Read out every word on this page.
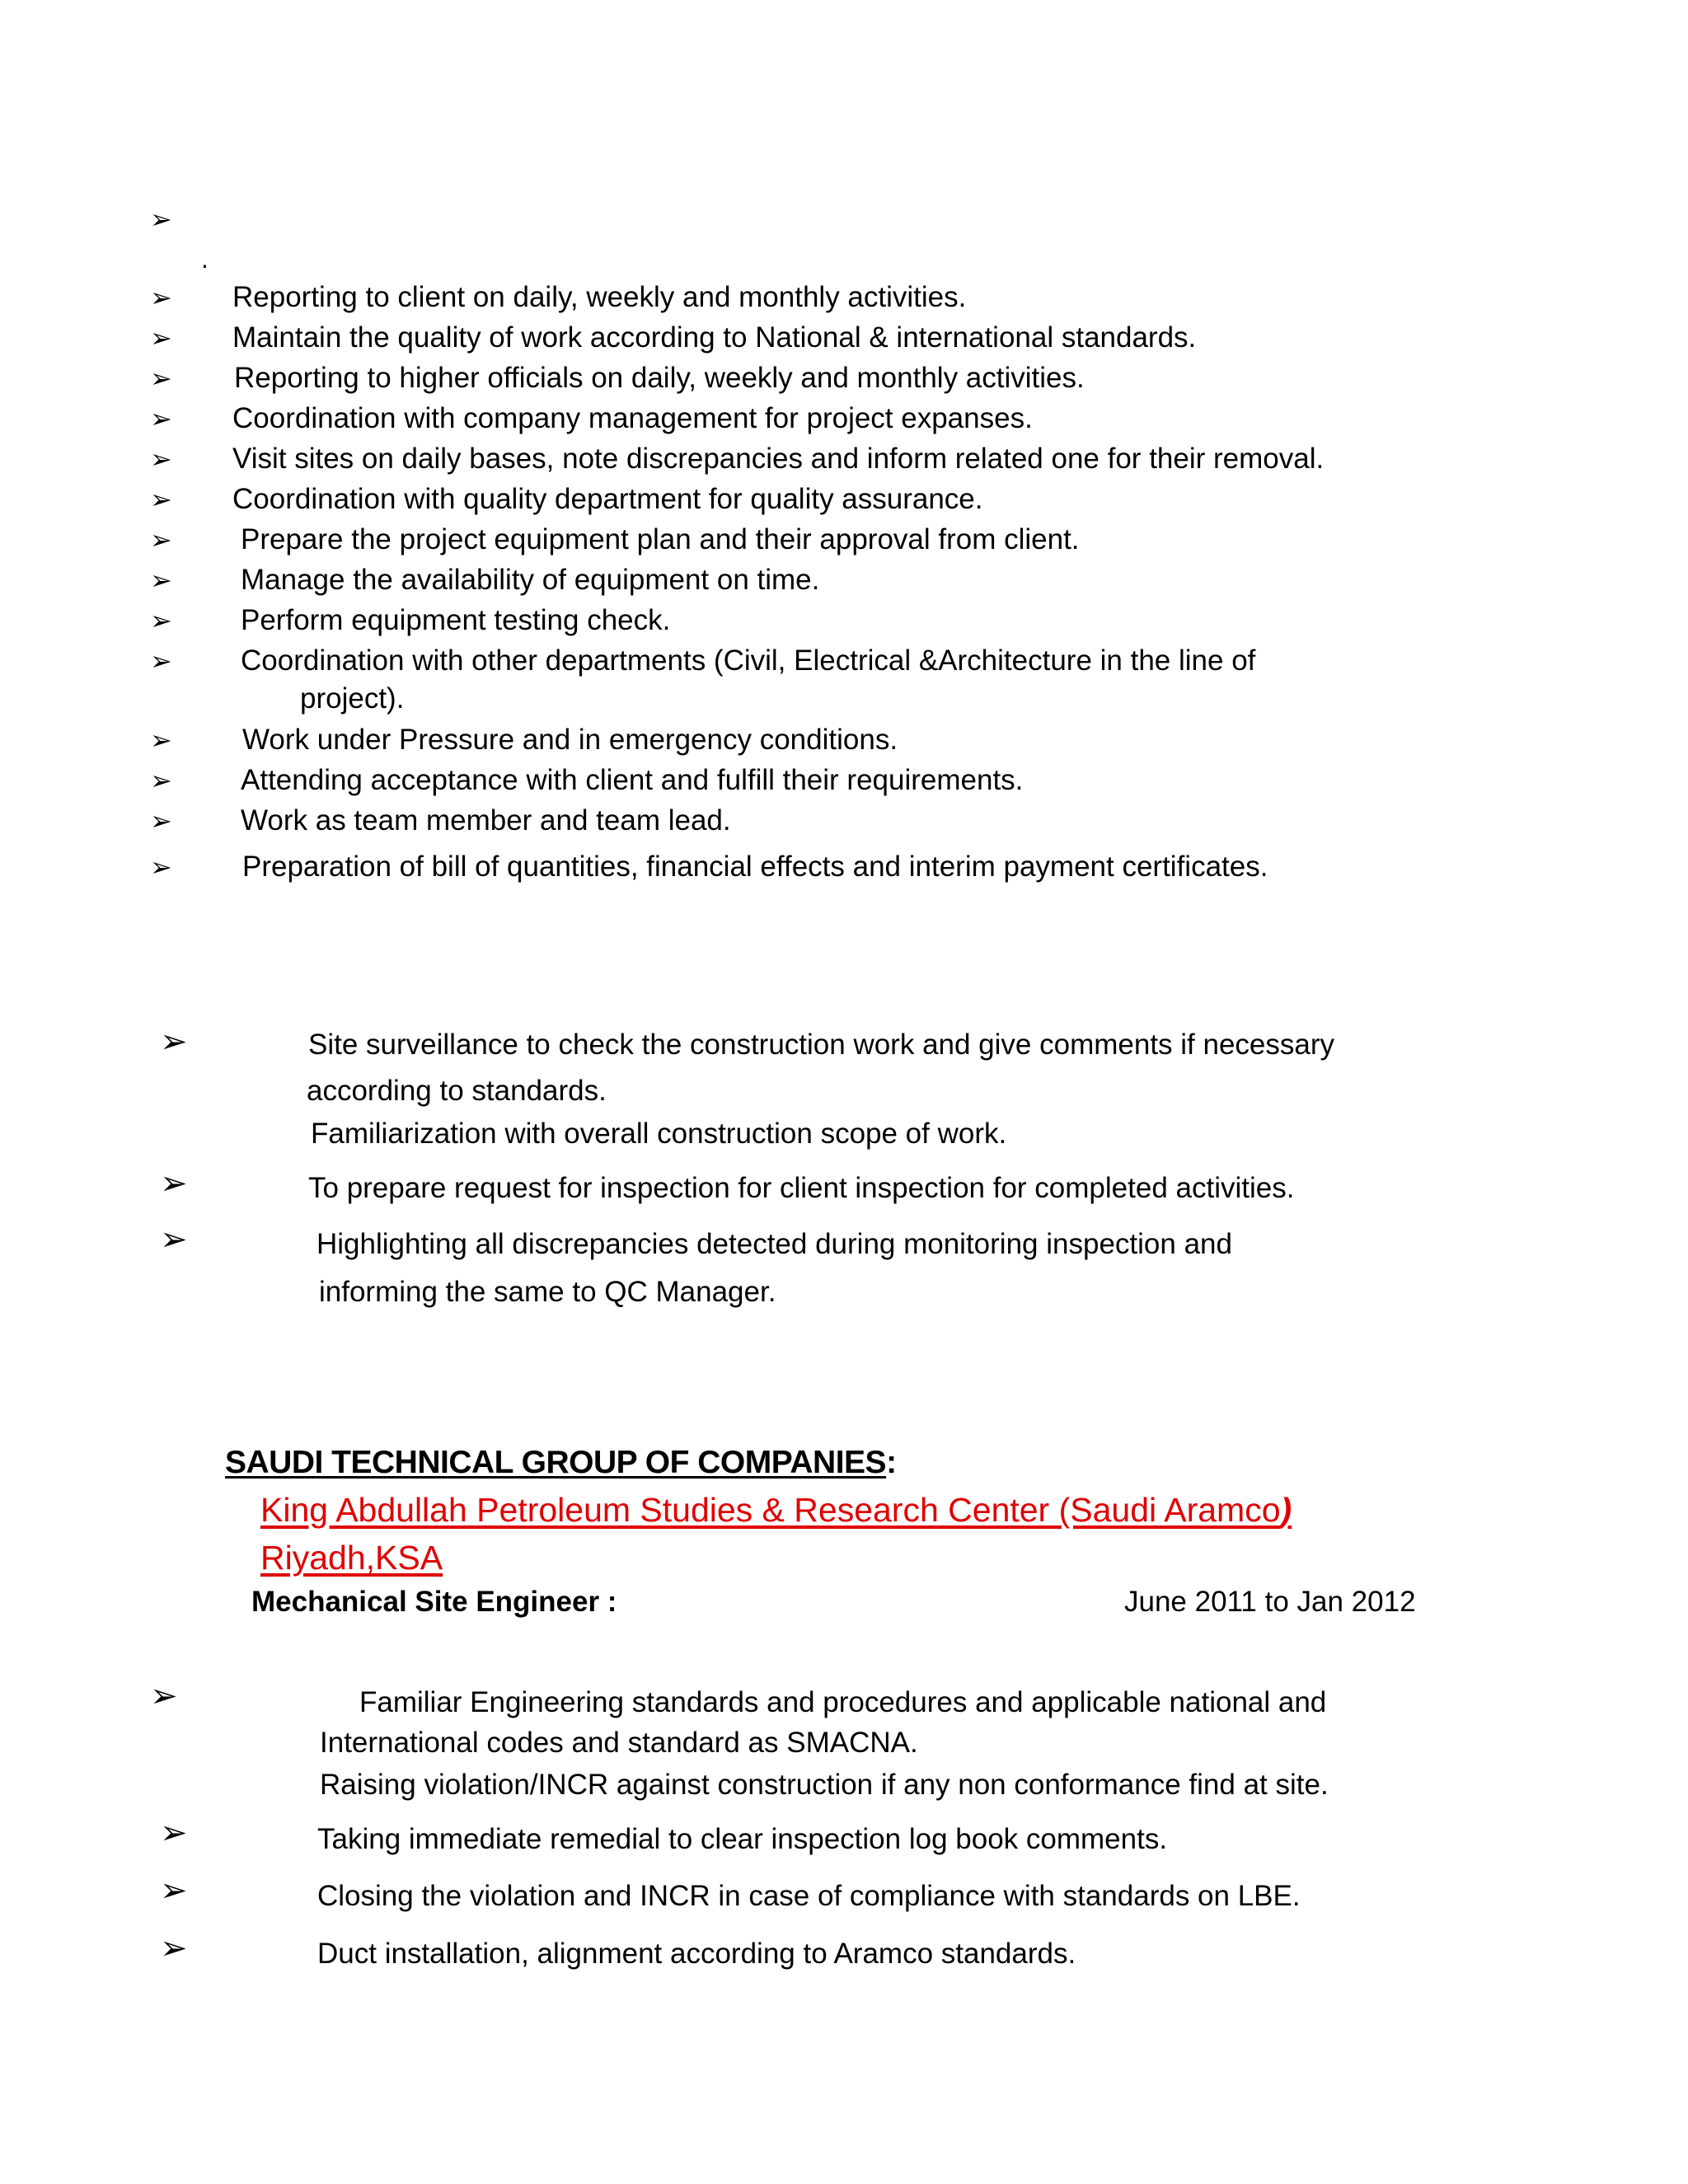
➢
.
➢ Reporting to client on daily, weekly and monthly activities.
➢ Maintain the quality of work according to National & international standards.
➢ Reporting to higher officials on daily, weekly and monthly activities.
➢ Coordination with company management for project expanses.
➢ Visit sites on daily bases, note discrepancies and inform related one for their removal.
➢ Coordination with quality department for quality assurance.
➢ Prepare the project equipment plan and their approval from client.
➢ Manage the availability of equipment on time.
➢ Perform equipment testing check.
➢ Coordination with other departments (Civil, Electrical &Architecture in the line of
project).
➢ Work under Pressure and in emergency conditions.
➢ Attending acceptance with client and fulfill their requirements.
➢ Work as team member and team lead.
➢ Preparation of bill of quantities, financial effects and interim payment certificates.
➢	Site surveillance to check the construction work and give comments if necessary
according to standards.
Familiarization with overall construction scope of work.
➢	To prepare request for inspection for client inspection for completed activities.
➢	Highlighting all discrepancies detected during monitoring inspection and
informing the same to QC Manager.
SAUDI TECHNICAL GROUP OF COMPANIES:
King Abdullah Petroleum Studies & Research Center (Saudi Aramco)
Riyadh,KSA
Mechanical Site Engineer :	June 2011 to Jan 2012
➢	Familiar Engineering standards and procedures and applicable national and
International codes and standard as SMACNA.
Raising violation/INCR against construction if any non conformance find at site.
➢	Taking immediate remedial to clear inspection log book comments.
➢	Closing the violation and INCR in case of compliance with standards on LBE.
➢	Duct installation, alignment according to Aramco standards.
